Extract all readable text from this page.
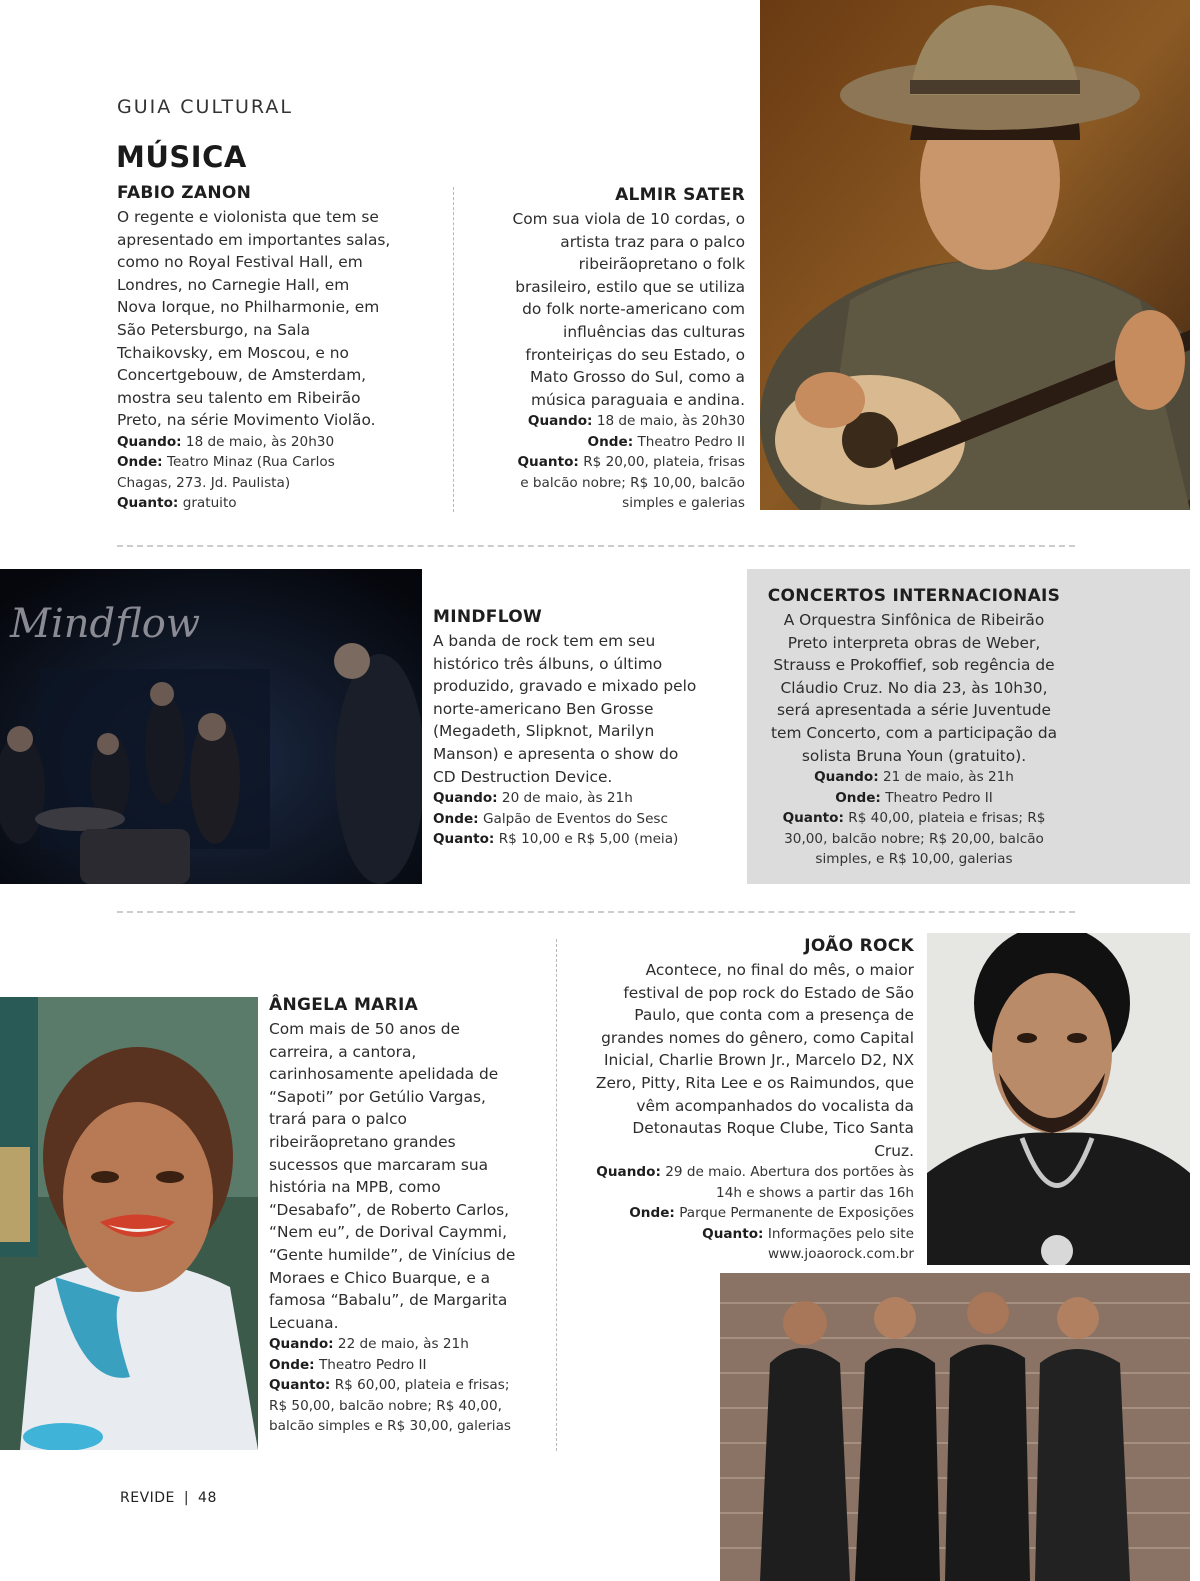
GUIA CULTURAL
MÚSICA
FABIO ZANON
O regente e violonista que tem se apresentado em importantes salas, como no Royal Festival Hall, em Londres, no Carnegie Hall, em Nova Iorque, no Philharmonie, em São Petersburgo, na Sala Tchaikovsky, em Moscou, e no Concertgebouw, de Amsterdam, mostra seu talento em Ribeirão Preto, na série Movimento Violão.
Quando: 18 de maio, às 20h30
Onde: Teatro Minaz (Rua Carlos Chagas, 273. Jd. Paulista)
Quanto: gratuito
ALMIR SATER
Com sua viola de 10 cordas, o artista traz para o palco ribeirãopretano o folk brasileiro, estilo que se utiliza do folk norte-americano com influências das culturas fronteiriças do seu Estado, o Mato Grosso do Sul, como a música paraguaia e andina.
Quando: 18 de maio, às 20h30
Onde: Theatro Pedro II
Quanto: R$ 20,00, plateia, frisas e balcão nobre; R$ 10,00, balcão simples e galerias
Mindflow	MINDFLOW
A banda de rock tem em seu histórico três álbuns, o último produzido, gravado e mixado pelo norte-americano Ben Grosse (Megadeth, Slipknot, Marilyn Manson) e apresenta o show do CD Destruction Device.
Quando: 20 de maio, às 21h
Onde: Galpão de Eventos do Sesc
Quanto: R$ 10,00 e R$ 5,00 (meia)
CONCERTOS INTERNACIONAIS
A Orquestra Sinfônica de Ribeirão Preto interpreta obras de Weber, Strauss e Prokoffief, sob regência de Cláudio Cruz. No dia 23, às 10h30, será apresentada a série Juventude tem Concerto, com a participação da solista Bruna Youn (gratuito).
Quando: 21 de maio, às 21h
Onde: Theatro Pedro II
Quanto: R$ 40,00, plateia e frisas; R$ 30,00, balcão nobre; R$ 20,00, balcão simples, e R$ 10,00, galerias
ÂNGELA MARIA
Com mais de 50 anos de carreira, a cantora, carinhosamente apelidada de “Sapoti” por Getúlio Vargas, trará para o palco ribeirãopretano grandes sucessos que marcaram sua história na MPB, como “Desabafo”, de Roberto Carlos, “Nem eu”, de Dorival Caymmi, “Gente humilde”, de Vinícius de Moraes e Chico Buarque, e a famosa “Babalu”, de Margarita Lecuana.
Quando: 22 de maio, às 21h
Onde: Theatro Pedro II
Quanto: R$ 60,00, plateia e frisas; R$ 50,00, balcão nobre; R$ 40,00, balcão simples e R$ 30,00, galerias
JOÃO ROCK
Acontece, no final do mês, o maior festival de pop rock do Estado de São Paulo, que conta com a presença de grandes nomes do gênero, como Capital Inicial, Charlie Brown Jr., Marcelo D2, NX Zero, Pitty, Rita Lee e os Raimundos, que vêm acompanhados do vocalista da Detonautas Roque Clube, Tico Santa Cruz.
Quando: 29 de maio. Abertura dos portões às 14h e shows a partir das 16h
Onde: Parque Permanente de Exposições
Quanto: Informações pelo site www.joaorock.com.br
REVIDE | 48
